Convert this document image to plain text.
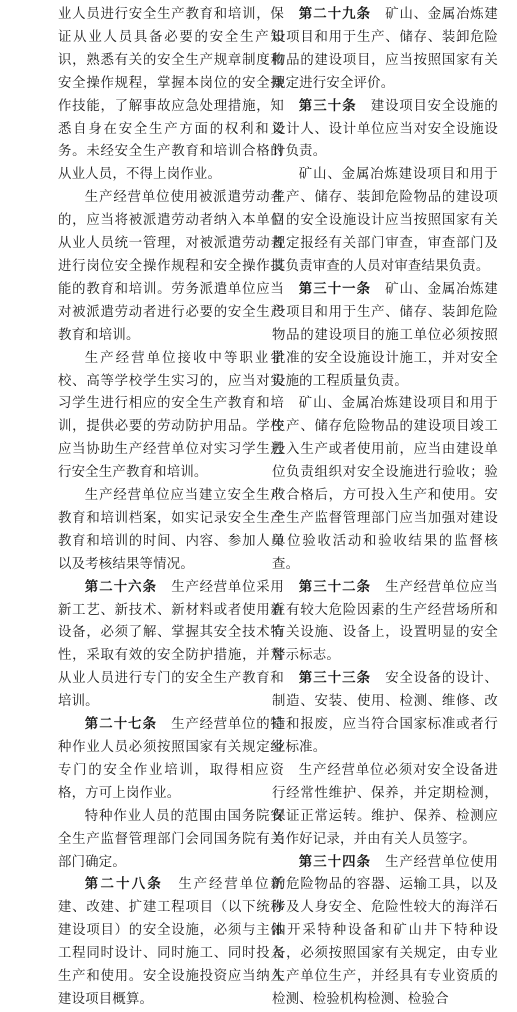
业人员进行安全生产教育和培训，保证从业人员具备必要的安全生产知识，熟悉有关的安全生产规章制度和安全操作规程，掌握本岗位的安全操作技能，了解事故应急处理措施，知悉自身在安全生产方面的权利和义务。未经安全生产教育和培训合格的从业人员，不得上岗作业。

生产经营单位使用被派遣劳动者的，应当将被派遣劳动者纳入本单位从业人员统一管理，对被派遣劳动者进行岗位安全操作规程和安全操作技能的教育和培训。劳务派遣单位应当对被派遣劳动者进行必要的安全生产教育和培训。

生产经营单位接收中等职业学校、高等学校学生实习的，应当对实习学生进行相应的安全生产教育和培训，提供必要的劳动防护用品。学校应当协助生产经营单位对实习学生进行安全生产教育和培训。

生产经营单位应当建立安全生产教育和培训档案，如实记录安全生产教育和培训的时间、内容、参加人员以及考核结果等情况。

第二十六条　 生产经营单位采用新工艺、新技术、新材料或者使用新设备，必须了解、掌握其安全技术特性，采取有效的安全防护措施，并对从业人员进行专门的安全生产教育和培训。

第二十七条　 生产经营单位的特种作业人员必须按照国家有关规定经专门的安全作业培训，取得相应资格，方可上岗作业。

特种作业人员的范围由国务院安全生产监督管理部门会同国务院有关部门确定。

第二十八条　 生产经营单位新建、改建、扩建工程项目（以下统称建设项目）的安全设施，必须与主体工程同时设计、同时施工、同时投入生产和使用。安全设施投资应当纳入建设项目概算。

第二十九条　 矿山、金属冶炼建设项目和用于生产、储存、装卸危险物品的建设项目，应当按照国家有关规定进行安全评价。

第三十条　 建设项目安全设施的设计人、设计单位应当对安全设施设计负责。

矿山、金属冶炼建设项目和用于生产、储存、装卸危险物品的建设项目的安全设施设计应当按照国家有关规定报经有关部门审查，审查部门及其负责审查的人员对审查结果负责。

第三十一条　 矿山、金属冶炼建设项目和用于生产、储存、装卸危险物品的建设项目的施工单位必须按照批准的安全设施设计施工，并对安全设施的工程质量负责。

矿山、金属冶炼建设项目和用于生产、储存危险物品的建设项目竣工投入生产或者使用前，应当由建设单位负责组织对安全设施进行验收；验收合格后，方可投入生产和使用。安全生产监督管理部门应当加强对建设单位验收活动和验收结果的监督核查。

第三十二条　 生产经营单位应当在有较大危险因素的生产经营场所和有关设施、设备上，设置明显的安全警示标志。

第三十三条　 安全设备的设计、制造、安装、使用、检测、维修、改造和报废，应当符合国家标准或者行业标准。

生产经营单位必须对安全设备进行经常性维护、保养，并定期检测，保证正常运转。维护、保养、检测应当作好记录，并由有关人员签字。

第三十四条　 生产经营单位使用的危险物品的容器、运输工具，以及涉及人身安全、危险性较大的海洋石油开采特种设备和矿山井下特种设备，必须按照国家有关规定，由专业生产单位生产，并经具有专业资质的检测、检验机构检测、检验合
